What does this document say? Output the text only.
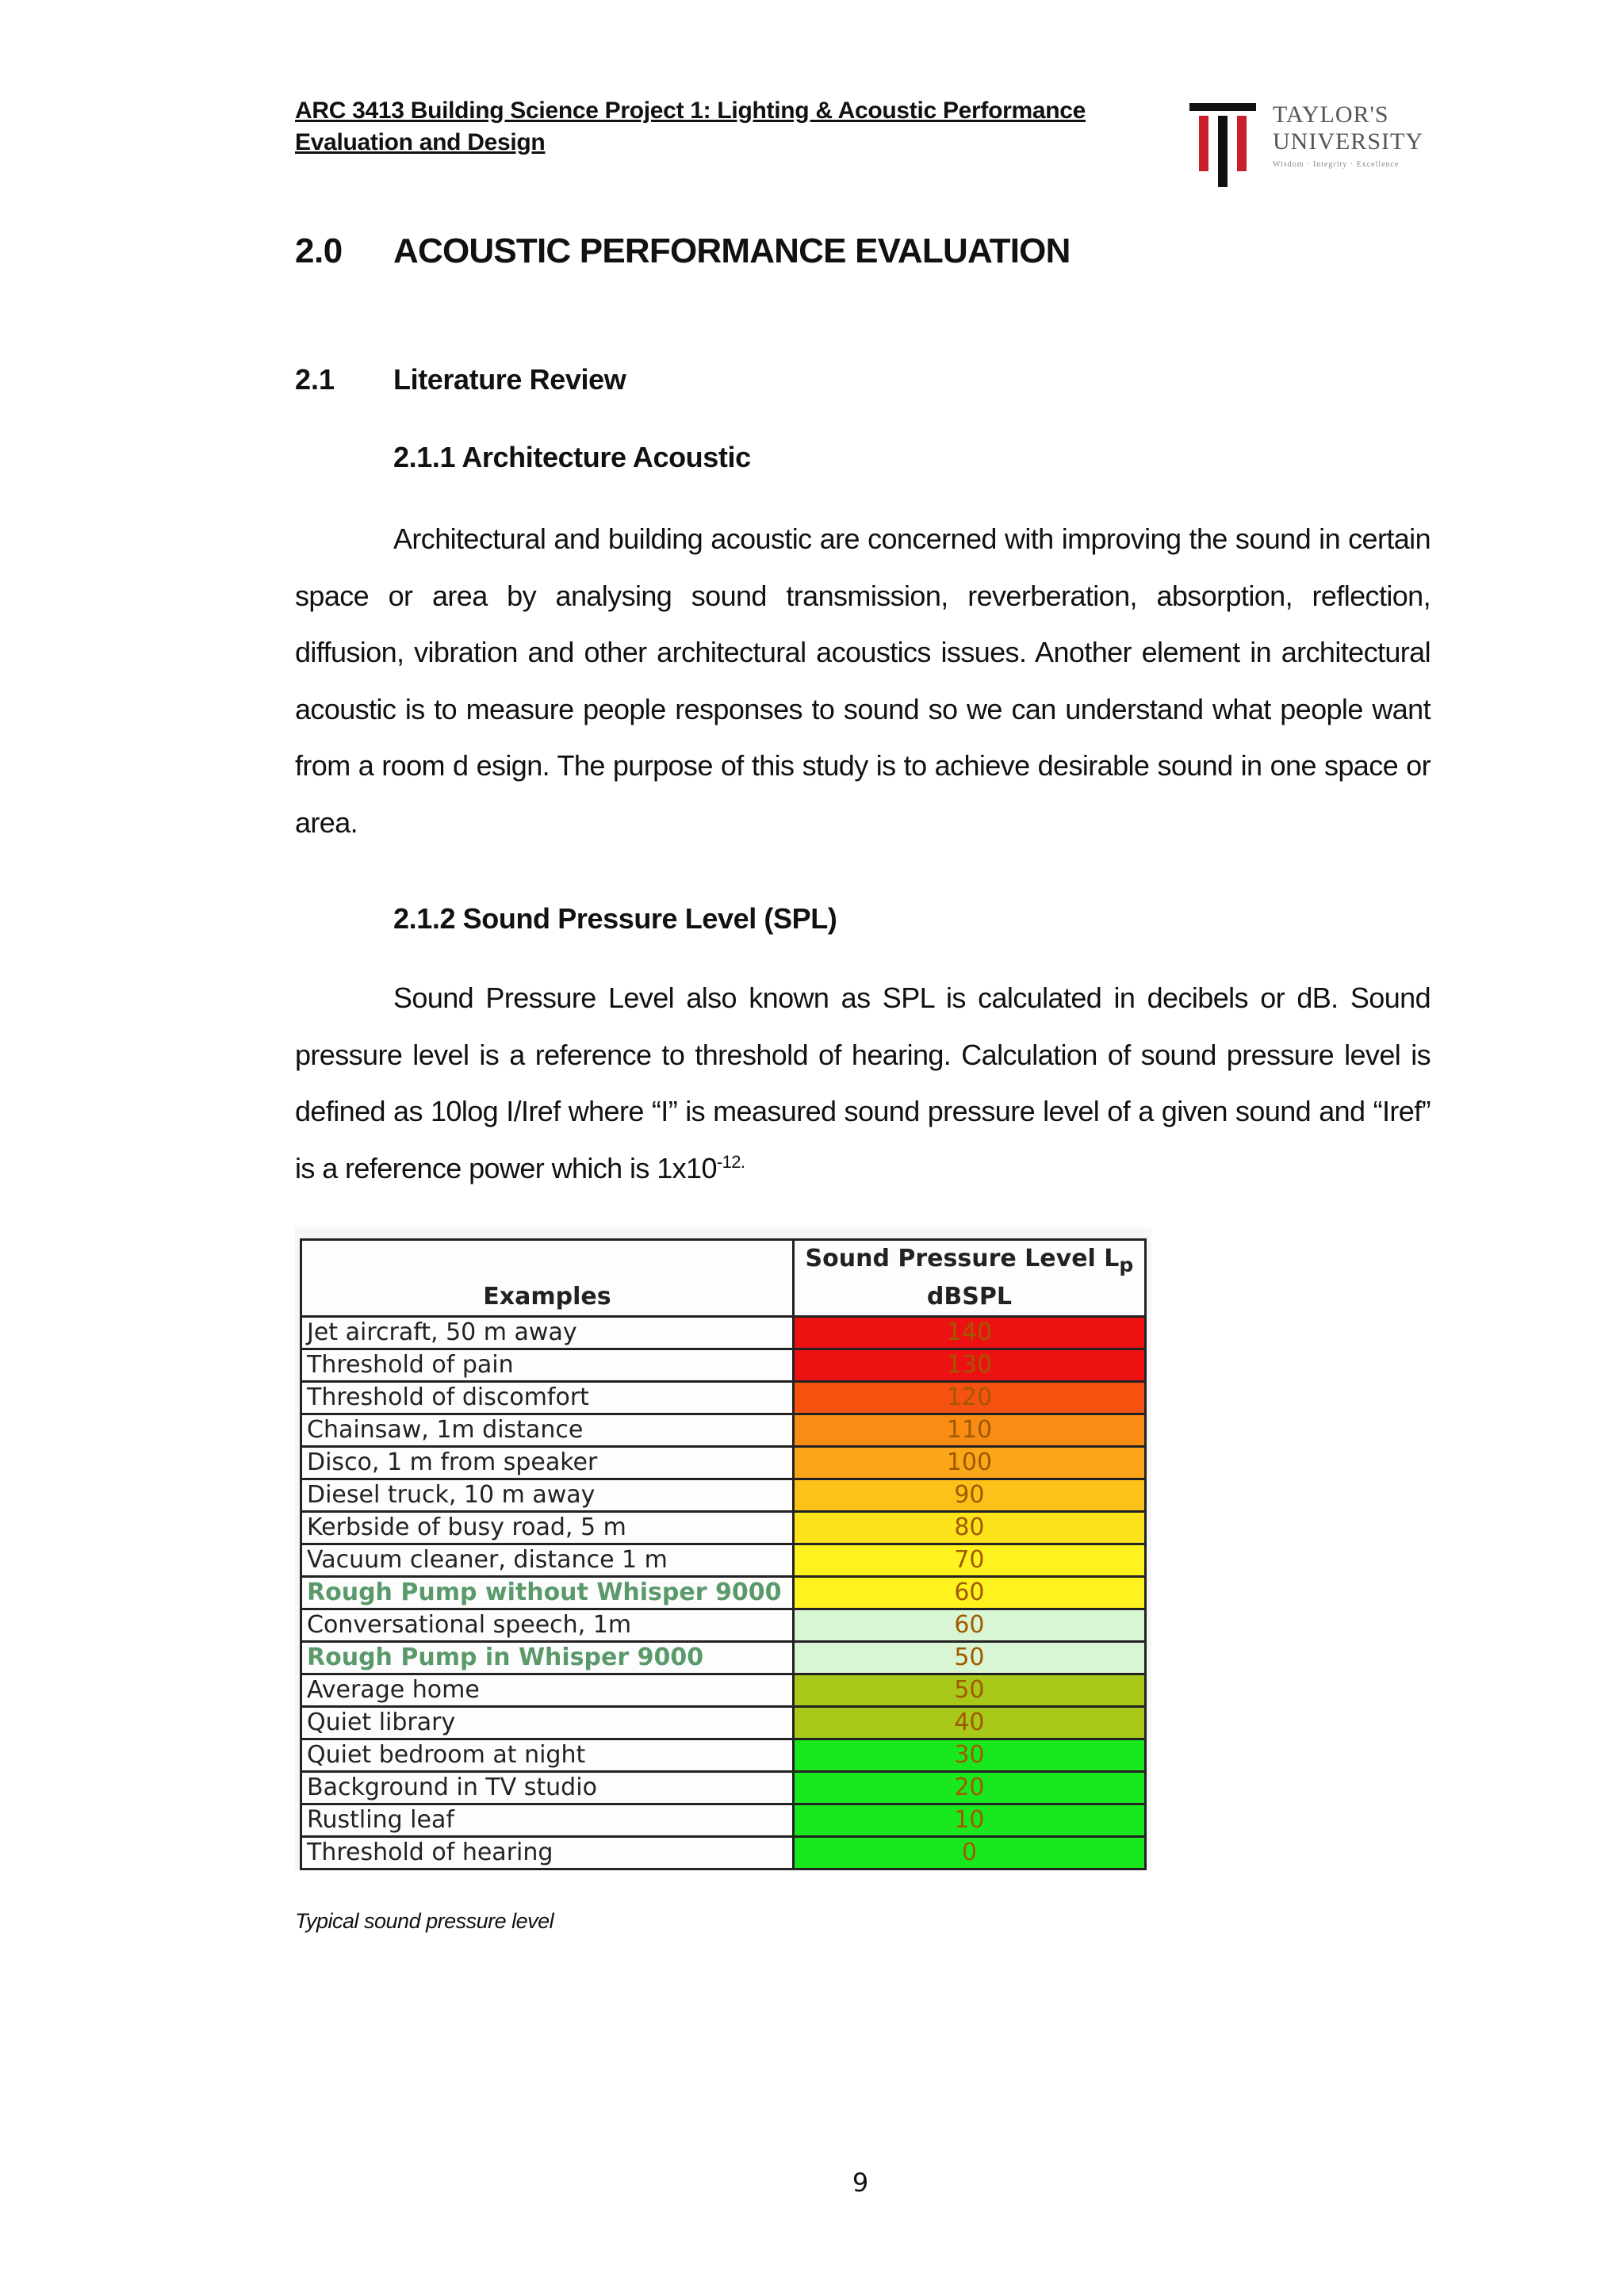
ARC 3413 Building Science Project 1: Lighting & Acoustic Performance
Evaluation and Design
TAYLOR'S
UNIVERSITY
Wisdom · Integrity · Excellence
2.0 ACOUSTIC PERFORMANCE EVALUATION
2.1 Literature Review
2.1.1 Architecture Acoustic

Architectural and building acoustic are concerned with improving the sound in certain space or area by analysing sound transmission, reverberation, absorption, reflection, diffusion, vibration and other architectural acoustics issues. Another element in architectural acoustic is to measure people responses to sound so we can understand what people want from a room d esign. The purpose of this study is to achieve desirable sound in one space or area.

2.1.2 Sound Pressure Level (SPL)

Sound Pressure Level also known as SPL is calculated in decibels or dB. Sound pressure level is a reference to threshold of hearing. Calculation of sound pressure level is defined as 10log I/Iref where “I” is measured sound pressure level of a given sound and “Iref” is a reference power which is $1x10^{-12.}$

Examples	Sound Pressure Level $L_p$
dBSPL
Jet aircraft, 50 m away	140
Threshold of pain	130
Threshold of discomfort	120
Chainsaw, 1m distance	110
Disco, 1 m from speaker	100
Diesel truck, 10 m away	90
Kerbside of busy road, 5 m	80
Vacuum cleaner, distance 1 m	70
Rough Pump without Whisper 9000	60
Conversational speech, 1m	60
Rough Pump in Whisper 9000	50
Average home	50
Quiet library	40
Quiet bedroom at night	30
Background in TV studio	20
Rustling leaf	10
Threshold of hearing	0
Typical sound pressure level
9
